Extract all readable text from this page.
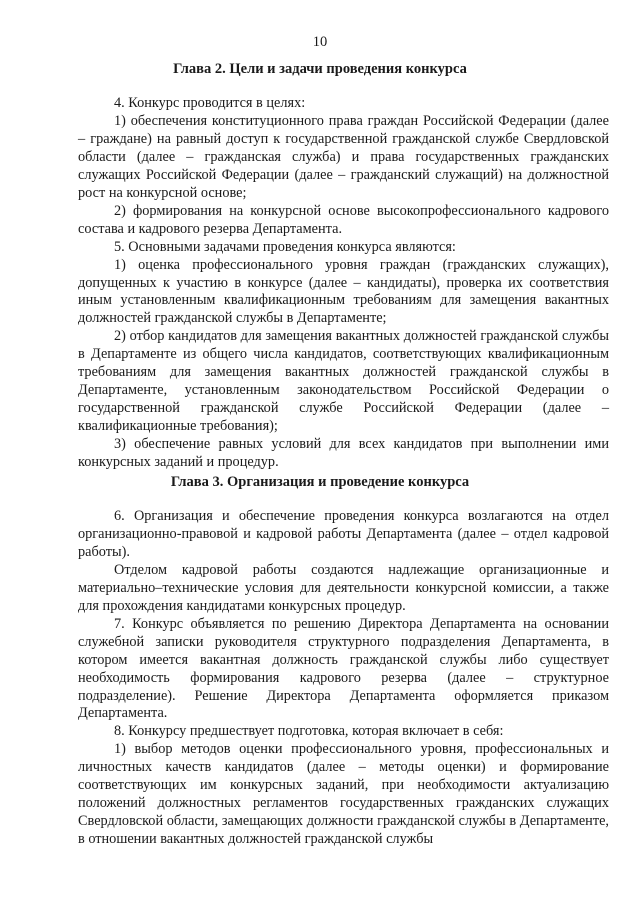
10
Глава 2. Цели и задачи проведения конкурса

4. Конкурс проводится в целях:

1) обеспечения конституционного права граждан Российской Федерации (далее – граждане) на равный доступ к государственной гражданской службе Свердловской области (далее – гражданская служба) и права государственных гражданских служащих Российской Федерации (далее – гражданский служащий) на должностной рост на конкурсной основе;

2) формирования на конкурсной основе высокопрофессионального кадрового состава и кадрового резерва Департамента.

5. Основными задачами проведения конкурса являются:

1) оценка профессионального уровня граждан (гражданских служащих), допущенных к участию в конкурсе (далее – кандидаты), проверка их соответствия иным установленным квалификационным требованиям для замещения вакантных должностей гражданской службы в Департаменте;

2) отбор кандидатов для замещения вакантных должностей гражданской службы в Департаменте из общего числа кандидатов, соответствующих квалификационным требованиям для замещения вакантных должностей гражданской службы в Департаменте, установленным законодательством Российской Федерации о государственной гражданской службе Российской Федерации (далее – квалификационные требования);

3) обеспечение равных условий для всех кандидатов при выполнении ими конкурсных заданий и процедур.

Глава 3. Организация и проведение конкурса

6. Организация и обеспечение проведения конкурса возлагаются на отдел организационно-правовой и кадровой работы Департамента (далее – отдел кадровой работы).

Отделом кадровой работы создаются надлежащие организационные и материально–технические условия для деятельности конкурсной комиссии, а также для прохождения кандидатами конкурсных процедур.

7. Конкурс объявляется по решению Директора Департамента на основании служебной записки руководителя структурного подразделения Департамента, в котором имеется вакантная должность гражданской службы либо существует необходимость формирования кадрового резерва (далее – структурное подразделение). Решение Директора Департамента оформляется приказом Департамента.

8. Конкурсу предшествует подготовка, которая включает в себя:

1) выбор методов оценки профессионального уровня, профессиональных и личностных качеств кандидатов (далее – методы оценки) и формирование соответствующих им конкурсных заданий, при необходимости актуализацию положений должностных регламентов государственных гражданских служащих Свердловской области, замещающих должности гражданской службы в Департаменте, в отношении вакантных должностей гражданской службы
